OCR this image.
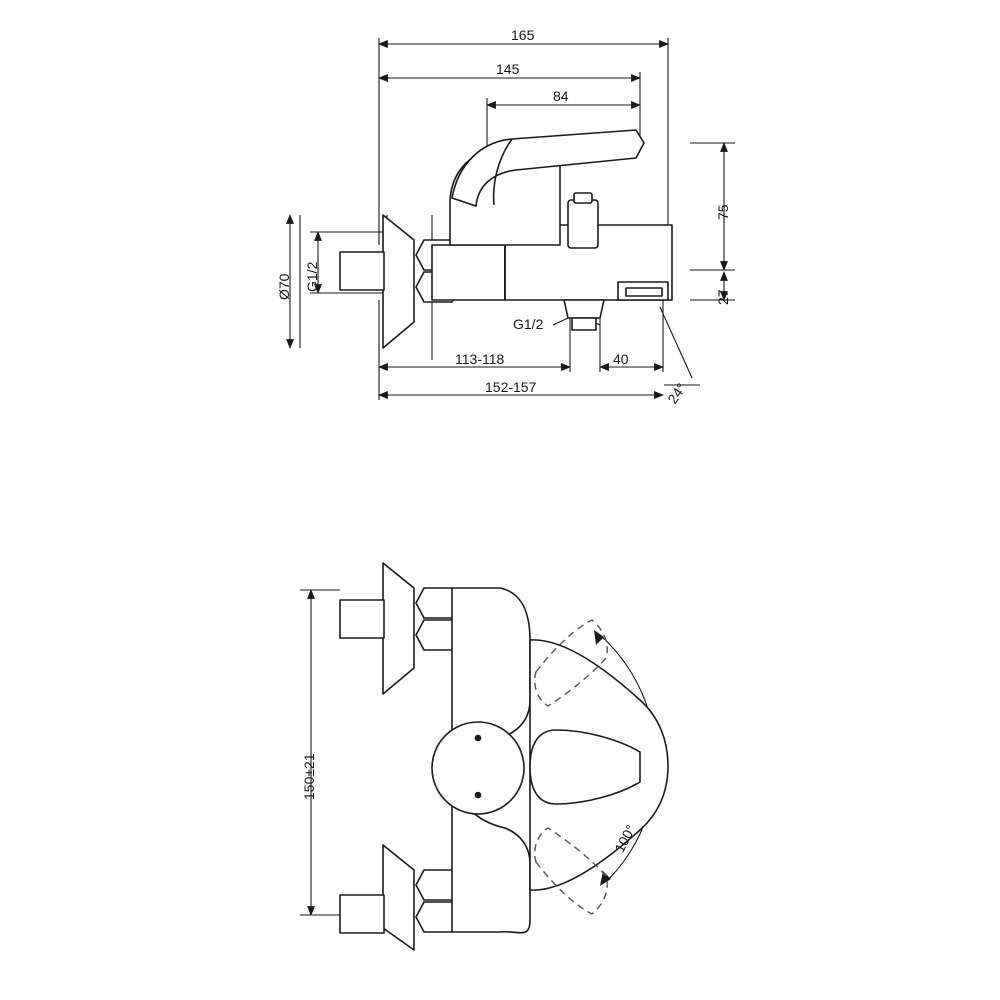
165
145
84
75
27
Ø70 G1/2
113-118	40
152-157
G1/2
24°
150±21
100°
